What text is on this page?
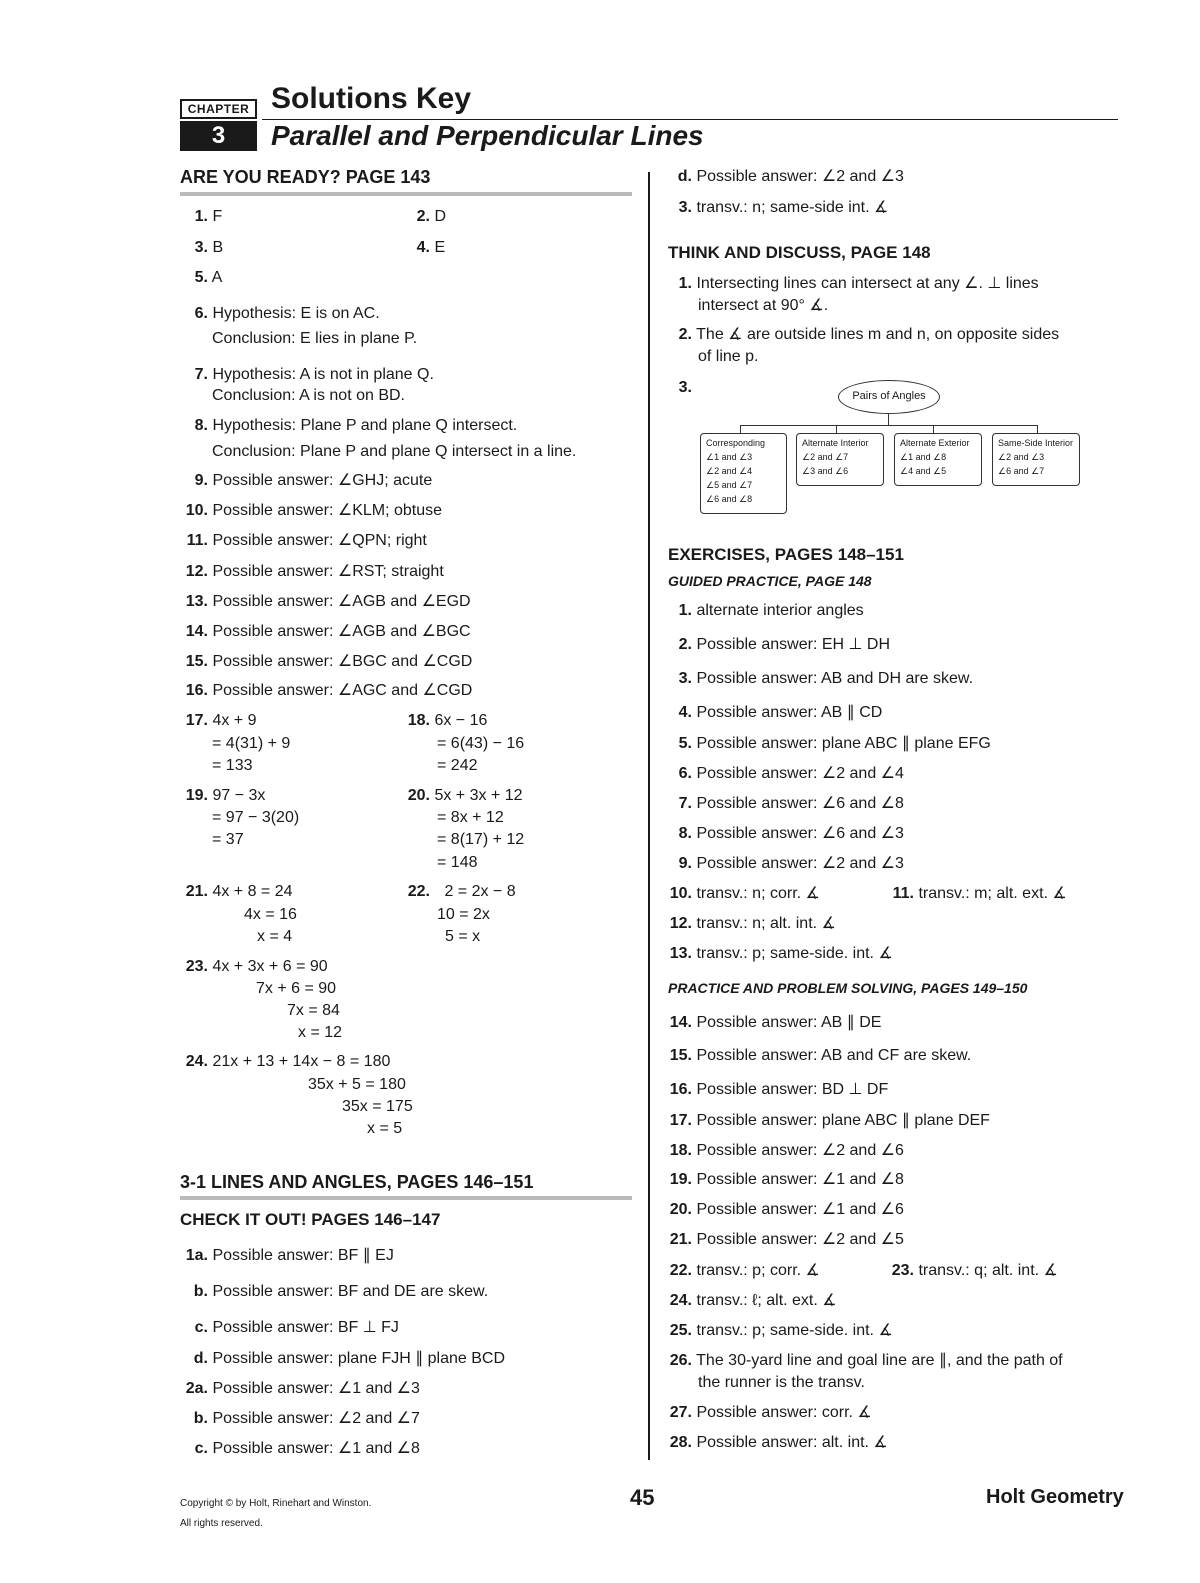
CHAPTER
3
Solutions Key
Parallel and Perpendicular Lines
ARE YOU READY? PAGE 143
1. F	2. D
3. B	4. E
5. A
6. Hypothesis: E is on AC.
Conclusion: E lies in plane P.
7. Hypothesis: A is not in plane Q.
Conclusion: A is not on BD.
8. Hypothesis: Plane P and plane Q intersect.
Conclusion: Plane P and plane Q intersect in a line.
9. Possible answer: ∠GHJ; acute
10. Possible answer: ∠KLM; obtuse
11. Possible answer: ∠QPN; right
12. Possible answer: ∠RST; straight
13. Possible answer: ∠AGB and ∠EGD
14. Possible answer: ∠AGB and ∠BGC
15. Possible answer: ∠BGC and ∠CGD
16. Possible answer: ∠AGC and ∠CGD
17. 4x + 9
= 4(31) + 9
= 133
18. 6x − 16
= 6(43) − 16
= 242
19. 97 − 3x
= 97 − 3(20)
= 37
20. 5x + 3x + 12
= 8x + 12
= 8(17) + 12
= 148
21. 4x + 8 = 24
4x = 16
x = 4
22. 2 = 2x − 8
10 = 2x
5 = x
23. 4x + 3x + 6 = 90
7x + 6 = 90
7x = 84
x = 12
24. 21x + 13 + 14x − 8 = 180
35x + 5 = 180
35x = 175
x = 5
3-1 LINES AND ANGLES, PAGES 146–151
CHECK IT OUT! PAGES 146–147
1a. Possible answer: BF ∥ EJ
b. Possible answer: BF and DE are skew.
c. Possible answer: BF ⊥ FJ
d. Possible answer: plane FJH ∥ plane BCD
2a. Possible answer: ∠1 and ∠3
b. Possible answer: ∠2 and ∠7
c. Possible answer: ∠1 and ∠8
d. Possible answer: ∠2 and ∠3
3. transv.: n; same-side int. ∡
THINK AND DISCUSS, PAGE 148
1. Intersecting lines can intersect at any ∠. ⊥ lines
intersect at 90° ∡.
2. The ∡ are outside lines m and n, on opposite sides
of line p.
3.	Pairs of Angles
Corresponding
∠1 and ∠3
∠2 and ∠4
∠5 and ∠7
∠6 and ∠8
Alternate Interior
∠2 and ∠7
∠3 and ∠6
Alternate Exterior
∠1 and ∠8
∠4 and ∠5
Same-Side Interior
∠2 and ∠3
∠6 and ∠7
EXERCISES, PAGES 148–151
GUIDED PRACTICE, PAGE 148
1. alternate interior angles
2. Possible answer: EH ⊥ DH
3. Possible answer: AB and DH are skew.
4. Possible answer: AB ∥ CD
5. Possible answer: plane ABC ∥ plane EFG
6. Possible answer: ∠2 and ∠4
7. Possible answer: ∠6 and ∠8
8. Possible answer: ∠6 and ∠3
9. Possible answer: ∠2 and ∠3
10. transv.: n; corr. ∡	11. transv.: m; alt. ext. ∡
12. transv.: n; alt. int. ∡
13. transv.: p; same-side. int. ∡
PRACTICE AND PROBLEM SOLVING, PAGES 149–150
14. Possible answer: AB ∥ DE
15. Possible answer: AB and CF are skew.
16. Possible answer: BD ⊥ DF
17. Possible answer: plane ABC ∥ plane DEF
18. Possible answer: ∠2 and ∠6
19. Possible answer: ∠1 and ∠8
20. Possible answer: ∠1 and ∠6
21. Possible answer: ∠2 and ∠5
22. transv.: p; corr. ∡	23. transv.: q; alt. int. ∡
24. transv.: ℓ; alt. ext. ∡
25. transv.: p; same-side. int. ∡
26. The 30-yard line and goal line are ∥, and the path of
the runner is the transv.
27. Possible answer: corr. ∡
28. Possible answer: alt. int. ∡
Copyright © by Holt, Rinehart and Winston.
All rights reserved.
45	Holt Geometry
